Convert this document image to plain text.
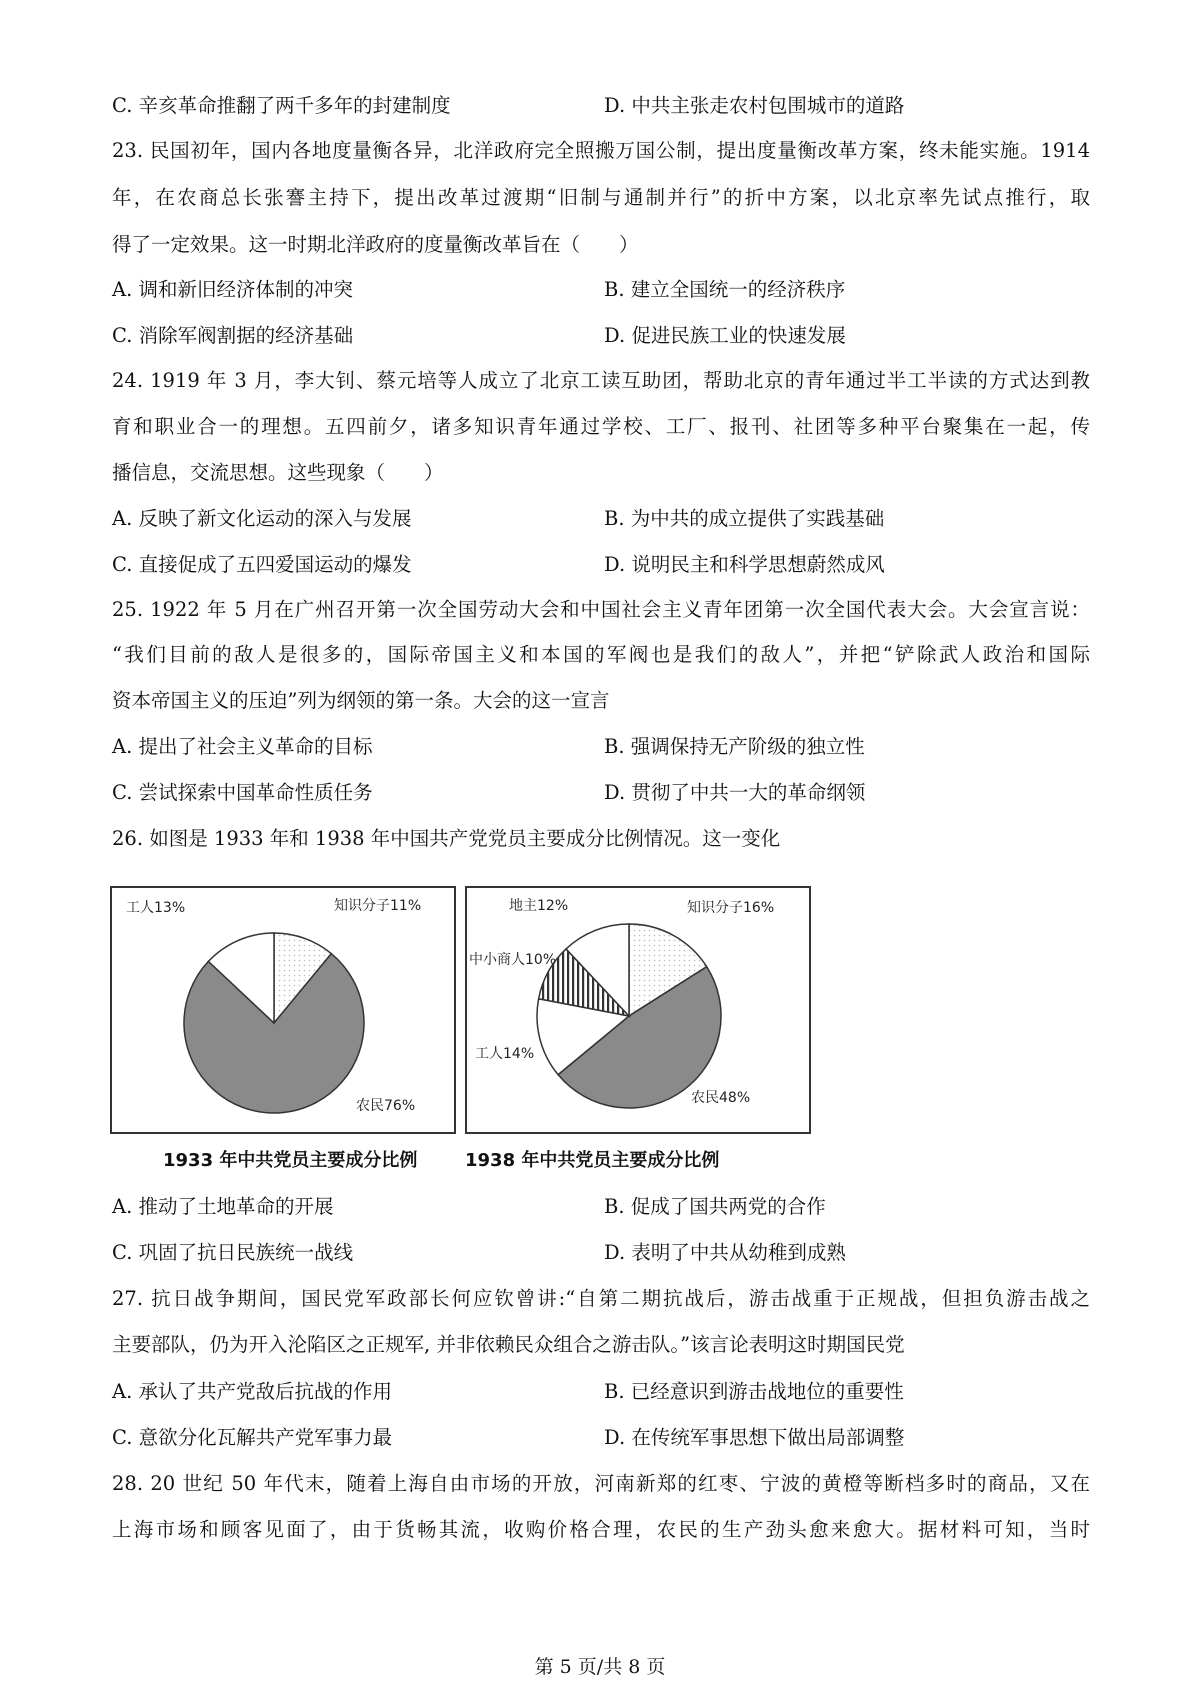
C. 辛亥革命推翻了两千多年的封建制度	D. 中共主张走农村包围城市的道路
23. 民国初年，国内各地度量衡各异，北洋政府完全照搬万国公制，提出度量衡改革方案，终未能实施。1914
年，在农商总长张謇主持下，提出改革过渡期“旧制与通制并行”的折中方案，以北京率先试点推行，取
得了一定效果。这一时期北洋政府的度量衡改革旨在（　　）
A. 调和新旧经济体制的冲突	B. 建立全国统一的经济秩序
C. 消除军阀割据的经济基础	D. 促进民族工业的快速发展
24. 1919 年 3 月，李大钊、蔡元培等人成立了北京工读互助团，帮助北京的青年通过半工半读的方式达到教
育和职业合一的理想。五四前夕，诸多知识青年通过学校、工厂、报刊、社团等多种平台聚集在一起，传
播信息，交流思想。这些现象（　　）
A. 反映了新文化运动的深入与发展	B. 为中共的成立提供了实践基础
C. 直接促成了五四爱国运动的爆发	D. 说明民主和科学思想蔚然成风
25. 1922 年 5 月在广州召开第一次全国劳动大会和中国社会主义青年团第一次全国代表大会。大会宣言说：
“我们目前的敌人是很多的，国际帝国主义和本国的军阀也是我们的敌人”，并把“铲除武人政治和国际
资本帝国主义的压迫”列为纲领的第一条。大会的这一宣言
A. 提出了社会主义革命的目标	B. 强调保持无产阶级的独立性
C. 尝试探索中国革命性质任务	D. 贯彻了中共一大的革命纲领
26. 如图是 1933 年和 1938 年中国共产党党员主要成分比例情况。这一变化
知识分子11%
农民76%
工人13%	知识分子16%
农民48%
工人14%
中小商人10%
地主12%
1933 年中共党员主要成分比例	1938 年中共党员主要成分比例
A. 推动了土地革命的开展	B. 促成了国共两党的合作
C. 巩固了抗日民族统一战线	D. 表明了中共从幼稚到成熟
27. 抗日战争期间，国民党军政部长何应钦曾讲:“自第二期抗战后，游击战重于正规战，但担负游击战之
主要部队，仍为开入沦陷区之正规军, 并非依赖民众组合之游击队。”该言论表明这时期国民党
A. 承认了共产党敌后抗战的作用	B. 已经意识到游击战地位的重要性
C. 意欲分化瓦解共产党军事力最	D. 在传统军事思想下做出局部调整
28. 20 世纪 50 年代末，随着上海自由市场的开放，河南新郑的红枣、宁波的黄橙等断档多时的商品，又在
上海市场和顾客见面了，由于货畅其流，收购价格合理，农民的生产劲头愈来愈大。据材料可知，当时
第 5 页/共 8 页
